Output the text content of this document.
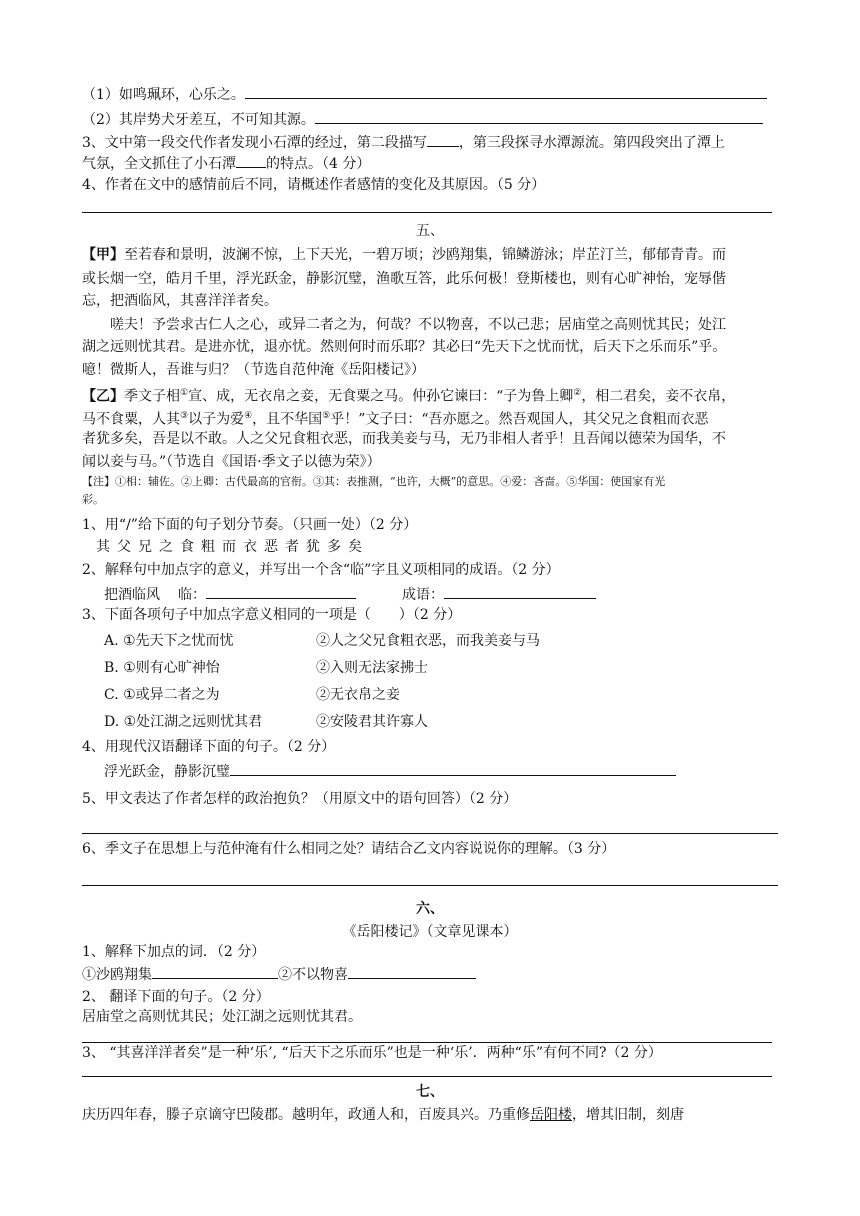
（1）如鸣珮环，心乐之。
（2）其岸势犬牙差互，不可知其源。
3、文中第一段交代作者发现小石潭的经过，第二段描写 ，第三段探寻水潭源流。第四段突出了潭上
气氛，全文抓住了小石潭 的特点。（4 分）
4、作者在文中的感情前后不同，请概述作者感情的变化及其原因。（5 分）
五、
【甲】至若春和景明，波澜不惊，上下天光，一碧万顷；沙鸥翔集，锦鳞游泳；岸芷汀兰，郁郁青青。而
或长烟一空，皓月千里，浮光跃金，静影沉璧，渔歌互答，此乐何极！登斯楼也，则有心旷神怡，宠辱偕
忘，把酒临风，其喜洋洋者矣。
嗟夫！予尝求古仁人之心，或异二者之为，何哉？不以物喜，不以己悲；居庙堂之高则忧其民；处江
湖之远则忧其君。是进亦忧，退亦忧。然则何时而乐耶？其必曰“先天下之忧而忧，后天下之乐而乐”乎。
噫！微斯人，吾谁与归？（节选自范仲淹《岳阳楼记》）
【乙】季文子相①宣、成，无衣帛之妾，无食粟之马。仲孙它谏曰：“子为鲁上卿②，相二君矣，妾不衣帛，
马不食粟，人其③以子为爱④，且不华国⑤乎！”文子曰：“吾亦愿之。然吾观国人，其父兄之食粗而衣恶
者犹多矣，吾是以不敢。人之父兄食粗衣恶，而我美妾与马，无乃非相人者乎！且吾闻以德荣为国华，不
闻以妾与马。”（节选自《国语·季文子以德为荣》）
【注】①相：辅佐。②上卿：古代最高的官衔。③其：表推测，“也许，大概”的意思。④爱：吝啬。⑤华国：使国家有光
彩。
1、用“/”给下面的句子划分节奏。（只画一处）（2 分）
其父兄之食粗而衣恶者犹多矣
2、解释句中加点字的意义，并写出一个含“临”字且义项相同的成语。（2 分）
把酒临风 临：	成语：
3、下面各项句子中加点字意义相同的一项是（　　）（2 分）
A. ①先天下之忧而忧	②人之父兄食粗衣恶，而我美妾与马
B. ①则有心旷神怡	②入则无法家拂士
C. ①或异二者之为	②无衣帛之妾
D. ①处江湖之远则忧其君	②安陵君其许寡人
4、用现代汉语翻译下面的句子。（2 分）
浮光跃金，静影沉璧
5、甲文表达了作者怎样的政治抱负？（用原文中的语句回答）（2 分）
6、季文子在思想上与范仲淹有什么相同之处？请结合乙文内容说说你的理解。（3 分）
六、
《岳阳楼记》（文章见课本）
1、解释下加点的词．（2 分）
①沙鸥翔集	②不以物喜
2、 翻译下面的句子。（2 分）
居庙堂之高则忧其民；处江湖之远则忧其君。
3、 “其喜洋洋者矣”是一种‘乐’, “后天下之乐而乐”也是一种‘乐’．两种“乐”有何不同?（2 分）
七、
庆历四年春，滕子京谪守巴陵郡。越明年，政通人和，百废具兴。乃重修岳阳楼，增其旧制，刻唐
